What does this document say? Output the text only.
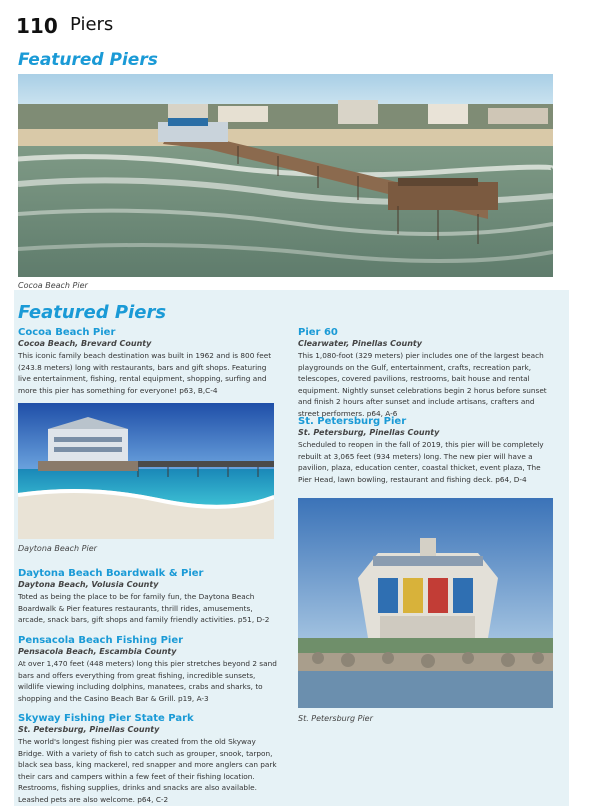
110 Piers
Featured Piers
Cocoa Beach Pier
Featured Piers
Cocoa Beach Pier
Cocoa Beach, Brevard County
This iconic family beach destination was built in 1962 and is 800 feet (243.8 meters) long with restaurants, bars and gift shops. Featuring live entertainment, fishing, rental equipment, shopping, surfing and more this pier has something for everyone! p63, B,C-4
Daytona Beach Pier
Daytona Beach Boardwalk & Pier
Daytona Beach, Volusia County
Toted as being the place to be for family fun, the Daytona Beach Boardwalk & Pier features restaurants, thrill rides, amusements, arcade, snack bars, gift shops and family friendly activities. p51, D-2
Pensacola Beach Fishing Pier
Pensacola Beach, Escambia County
At over 1,470 feet (448 meters) long this pier stretches beyond 2 sand bars and offers everything from great fishing, incredible sunsets, wildlife viewing including dolphins, manatees, crabs and sharks, to shopping and the Casino Beach Bar & Grill. p19, A-3
Skyway Fishing Pier State Park
St. Petersburg, Pinellas County
The world's longest fishing pier was created from the old Skyway Bridge. With a variety of fish to catch such as grouper, snook, tarpon, black sea bass, king mackerel, red snapper and more anglers can park their cars and campers within a few feet of their fishing location. Restrooms, fishing supplies, drinks and snacks are also available. Leashed pets are also welcome. p64, C-2
Pier 60
Clearwater, Pinellas County
This 1,080-foot (329 meters) pier includes one of the largest beach playgrounds on the Gulf, entertainment, crafts, recreation park, telescopes, covered pavilions, restrooms, bait house and rental equipment. Nightly sunset celebrations begin 2 horus before sunset and finish 2 hours after sunset and include artisans, crafters and street performers. p64, A-6
St. Petersburg Pier
St. Petersburg, Pinellas County
Scheduled to reopen in the fall of 2019, this pier will be completely rebuilt at 3,065 feet (934 meters) long. The new pier will have a pavilion, plaza, education center, coastal thicket, event plaza, The Pier Head, lawn bowling, restaurant and fishing deck. p64, D-4
St. Petersburg Pier
